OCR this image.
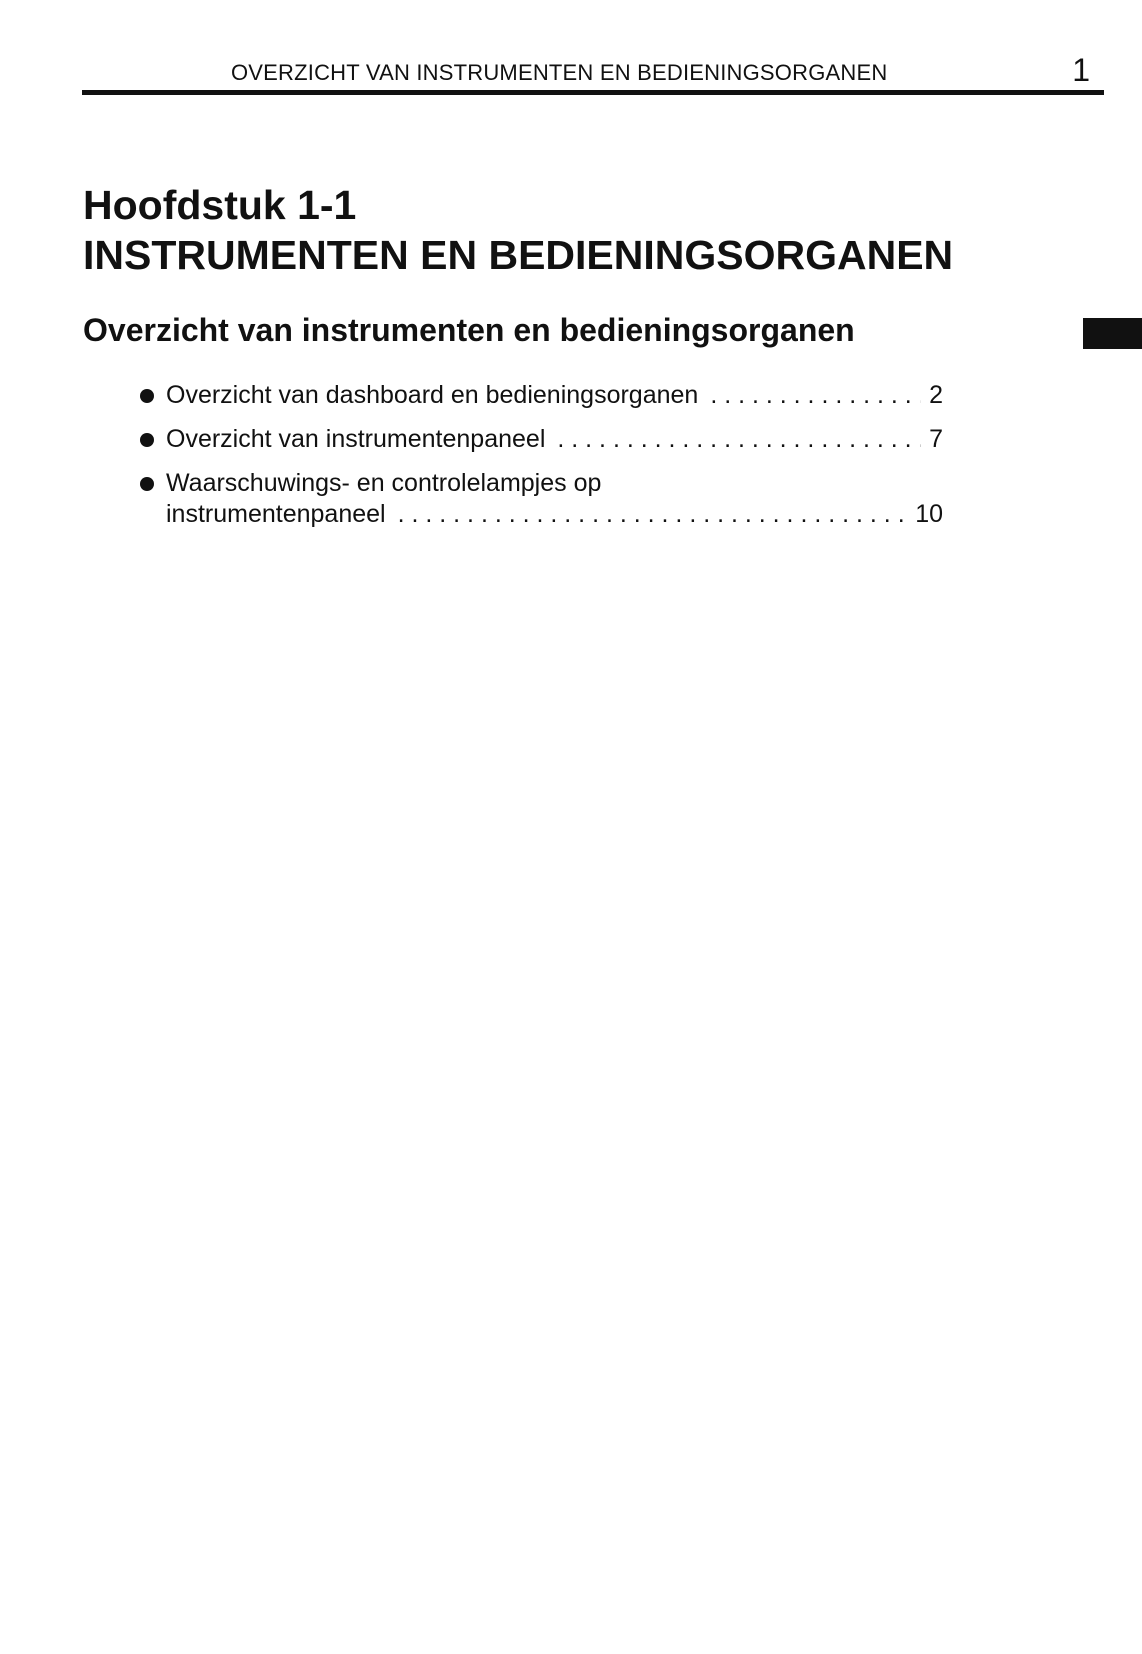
OVERZICHT VAN INSTRUMENTEN EN BEDIENINGSORGANEN	1
Hoofdstuk 1-1
INSTRUMENTEN EN BEDIENINGSORGANEN
Overzicht van instrumenten en bedieningsorganen
Overzicht van dashboard en bedieningsorganen . . .	2
Overzicht van instrumentenpaneel . . .	7
Waarschuwings- en controlelampjes op
instrumentenpaneel . . .	10
